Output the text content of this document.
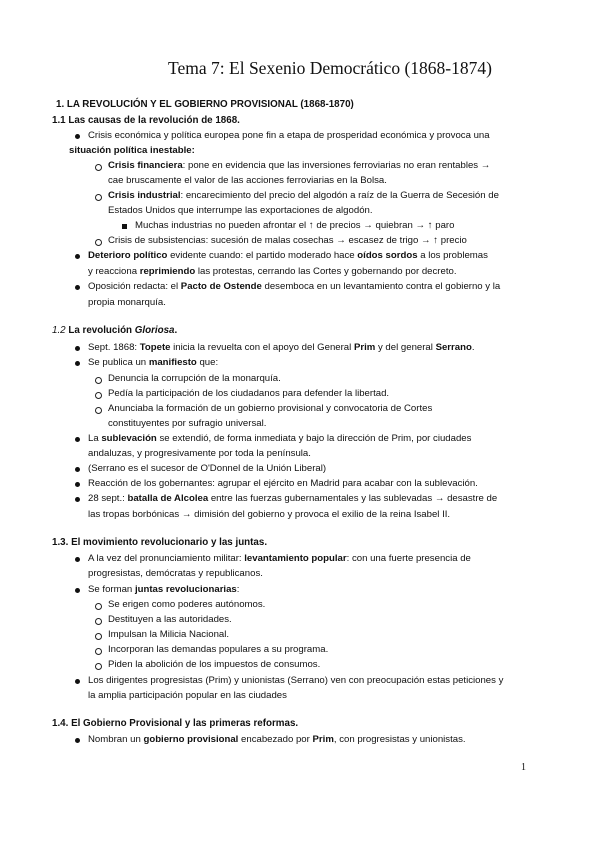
Tema 7: El Sexenio Democrático (1868-1874)
1. LA REVOLUCIÓN Y EL GOBIERNO PROVISIONAL (1868-1870)
1.1 Las causas de la revolución de 1868.
Crisis económica y política europea pone fin a etapa de prosperidad económica y provoca una
situación política inestable:
Crisis financiera: pone en evidencia que las inversiones ferroviarias no eran rentables →
cae bruscamente el valor de las acciones ferroviarias en la Bolsa.
Crisis industrial: encarecimiento del precio del algodón a raíz de la Guerra de Secesión de
Estados Unidos que interrumpe las exportaciones de algodón.
Muchas industrias no pueden afrontar el ↑ de precios → quiebran → ↑ paro
Crisis de subsistencias: sucesión de malas cosechas → escasez de trigo → ↑ precio
Deterioro político evidente cuando: el partido moderado hace oídos sordos a los problemas
y reacciona reprimiendo las protestas, cerrando las Cortes y gobernando por decreto.
Oposición redacta: el Pacto de Ostende desemboca en un levantamiento contra el gobierno y la
propia monarquía.
1.2 La revolución Gloriosa.
Sept. 1868: Topete inicia la revuelta con el apoyo del General Prim y del general Serrano.
Se publica un manifiesto que:
Denuncia la corrupción de la monarquía.
Pedía la participación de los ciudadanos para defender la libertad.
Anunciaba la formación de un gobierno provisional y convocatoria de Cortes
constituyentes por sufragio universal.
La sublevación se extendió, de forma inmediata y bajo la dirección de Prim, por ciudades
andaluzas, y progresivamente por toda la península.
(Serrano es el sucesor de O'Donnel de la Unión Liberal)
Reacción de los gobernantes: agrupar el ejército en Madrid para acabar con la sublevación.
28 sept.: batalla de Alcolea entre las fuerzas gubernamentales y las sublevadas → desastre de
las tropas borbónicas → dimisión del gobierno y provoca el exilio de la reina Isabel II.
1.3. El movimiento revolucionario y las juntas.
A la vez del pronunciamiento militar: levantamiento popular: con una fuerte presencia de
progresistas, demócratas y republicanos.
Se forman juntas revolucionarias:
Se erigen como poderes autónomos.
Destituyen a las autoridades.
Impulsan la Milicia Nacional.
Incorporan las demandas populares a su programa.
Piden la abolición de los impuestos de consumos.
Los dirigentes progresistas (Prim) y unionistas (Serrano) ven con preocupación estas peticiones y
la amplia participación popular en las ciudades
1.4. El Gobierno Provisional y las primeras reformas.
Nombran un gobierno provisional encabezado por Prim, con progresistas y unionistas.
1
